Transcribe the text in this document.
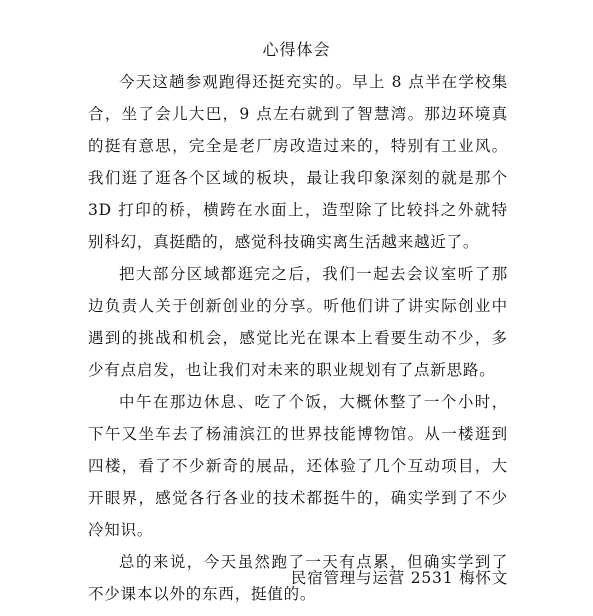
心得体会

今天这趟参观跑得还挺充实的。早上 8 点半在学校集合，坐了会儿大巴，9 点左右就到了智慧湾。那边环境真的挺有意思，完全是老厂房改造过来的，特别有工业风。我们逛了逛各个区域的板块，最让我印象深刻的就是那个 3D 打印的桥，横跨在水面上，造型除了比较抖之外就特别科幻，真挺酷的，感觉科技确实离生活越来越近了。

把大部分区域都逛完之后，我们一起去会议室听了那边负责人关于创新创业的分享。听他们讲了讲实际创业中遇到的挑战和机会，感觉比光在课本上看要生动不少，多少有点启发，也让我们对未来的职业规划有了点新思路。

中午在那边休息、吃了个饭，大概休整了一个小时，下午又坐车去了杨浦滨江的世界技能博物馆。从一楼逛到四楼，看了不少新奇的展品，还体验了几个互动项目，大开眼界，感觉各行各业的技术都挺牛的，确实学到了不少冷知识。

总的来说，今天虽然跑了一天有点累，但确实学到了不少课本以外的东西，挺值的。

民宿管理与运营 2531 梅怀文
